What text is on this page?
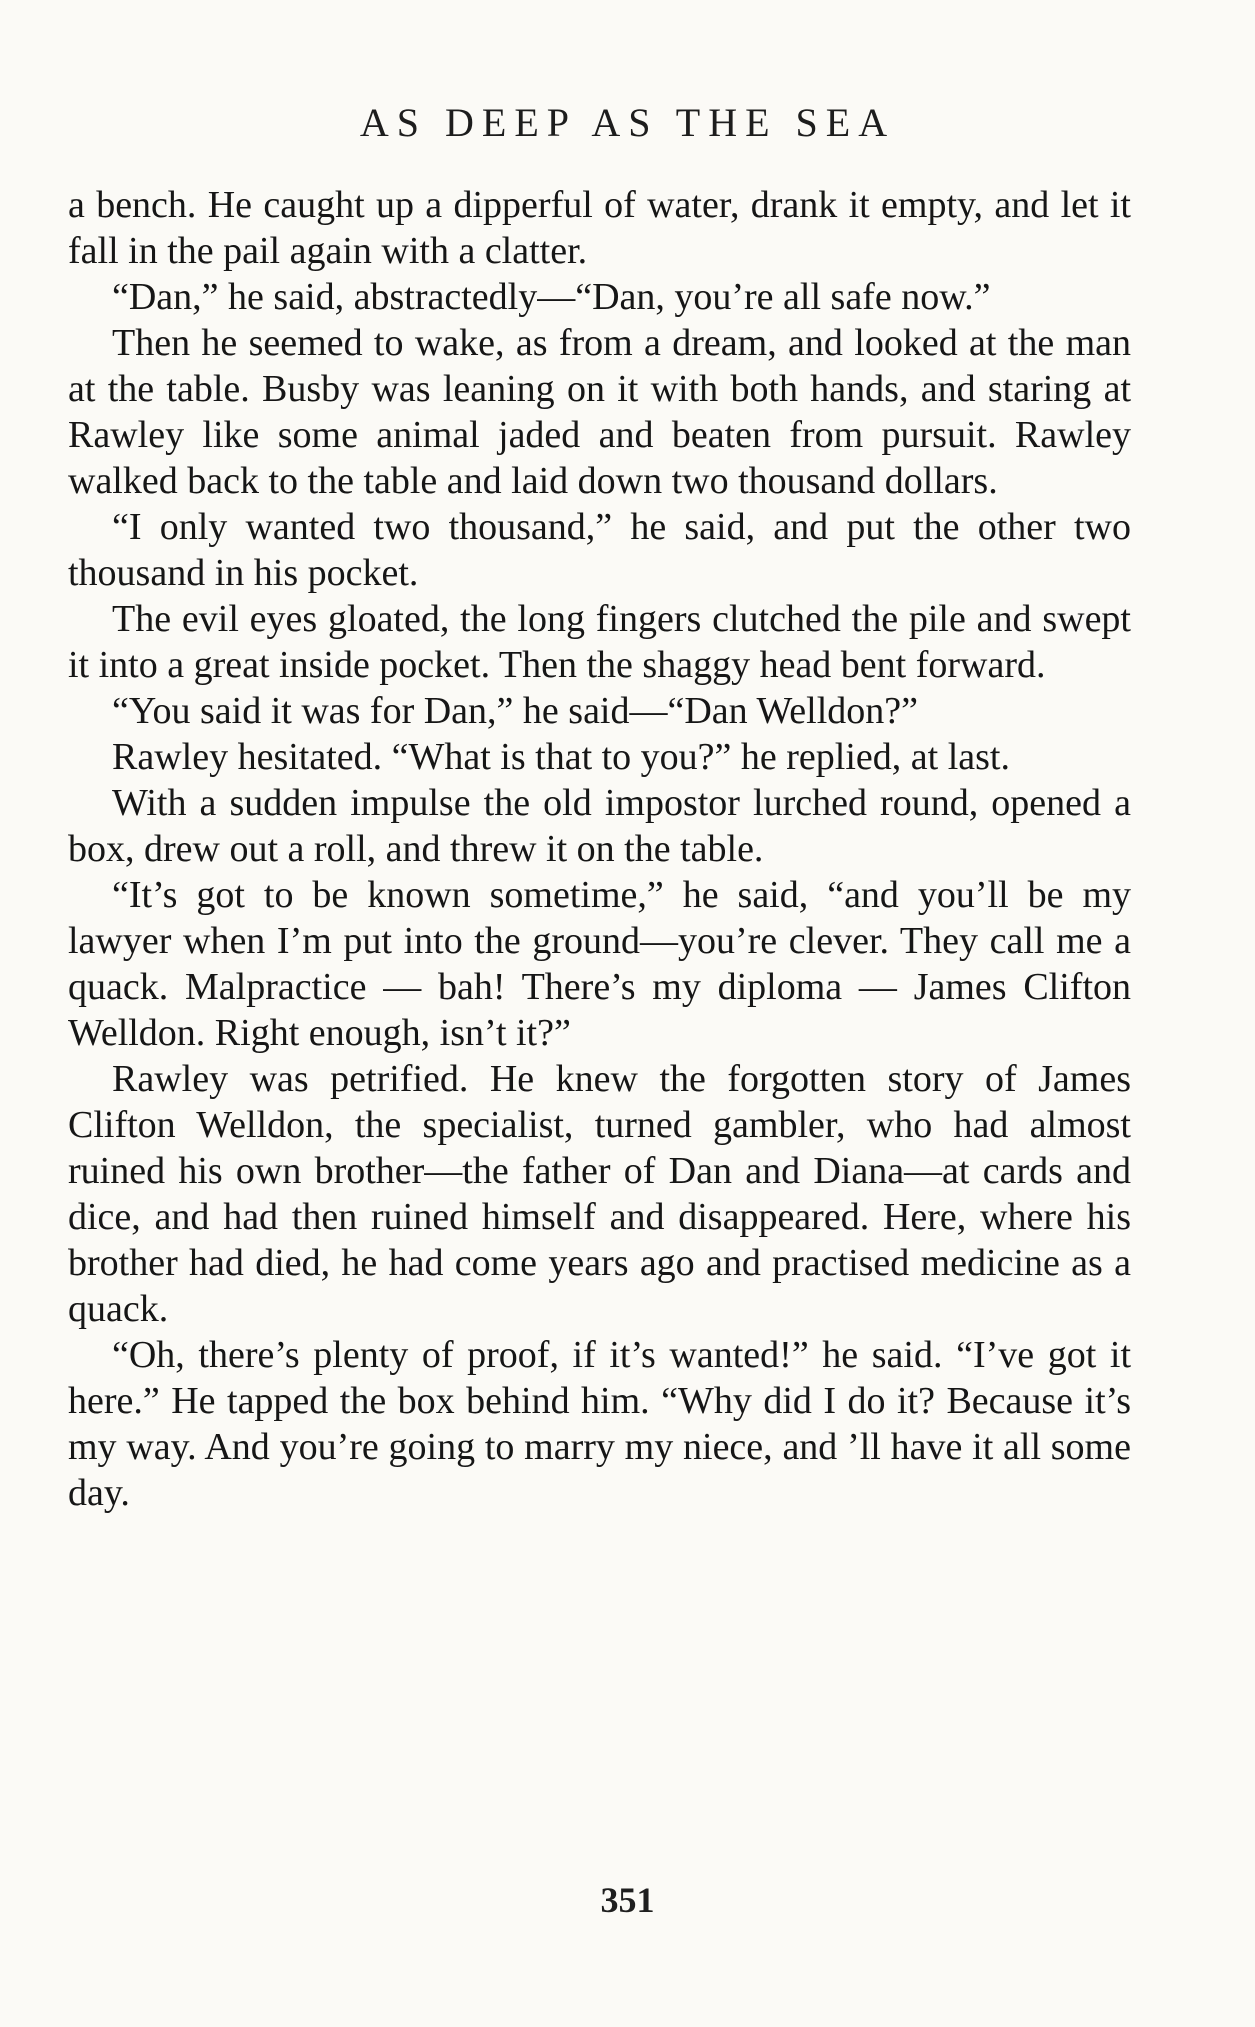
AS DEEP AS THE SEA

a bench. He caught up a dipperful of water, drank it empty, and let it fall in the pail again with a clatter.

“Dan,” he said, abstractedly—“Dan, you’re all safe now.”

Then he seemed to wake, as from a dream, and looked at the man at the table. Busby was leaning on it with both hands, and staring at Rawley like some animal jaded and beaten from pursuit. Rawley walked back to the table and laid down two thousand dollars.

“I only wanted two thousand,” he said, and put the other two thousand in his pocket.

The evil eyes gloated, the long fingers clutched the pile and swept it into a great inside pocket. Then the shaggy head bent forward.

“You said it was for Dan,” he said—“Dan Welldon?”

Rawley hesitated. “What is that to you?” he replied, at last.

With a sudden impulse the old impostor lurched round, opened a box, drew out a roll, and threw it on the table.

“It’s got to be known sometime,” he said, “and you’ll be my lawyer when I’m put into the ground—you’re clever. They call me a quack. Malpractice — bah! There’s my diploma — James Clifton Welldon. Right enough, isn’t it?”

Rawley was petrified. He knew the forgotten story of James Clifton Welldon, the specialist, turned gambler, who had almost ruined his own brother—the father of Dan and Diana—at cards and dice, and had then ruined himself and disappeared. Here, where his brother had died, he had come years ago and practised medicine as a quack.

“Oh, there’s plenty of proof, if it’s wanted!” he said. “I’ve got it here.” He tapped the box behind him. “Why did I do it? Because it’s my way. And you’re going to marry my niece, and ’ll have it all some day.

351
